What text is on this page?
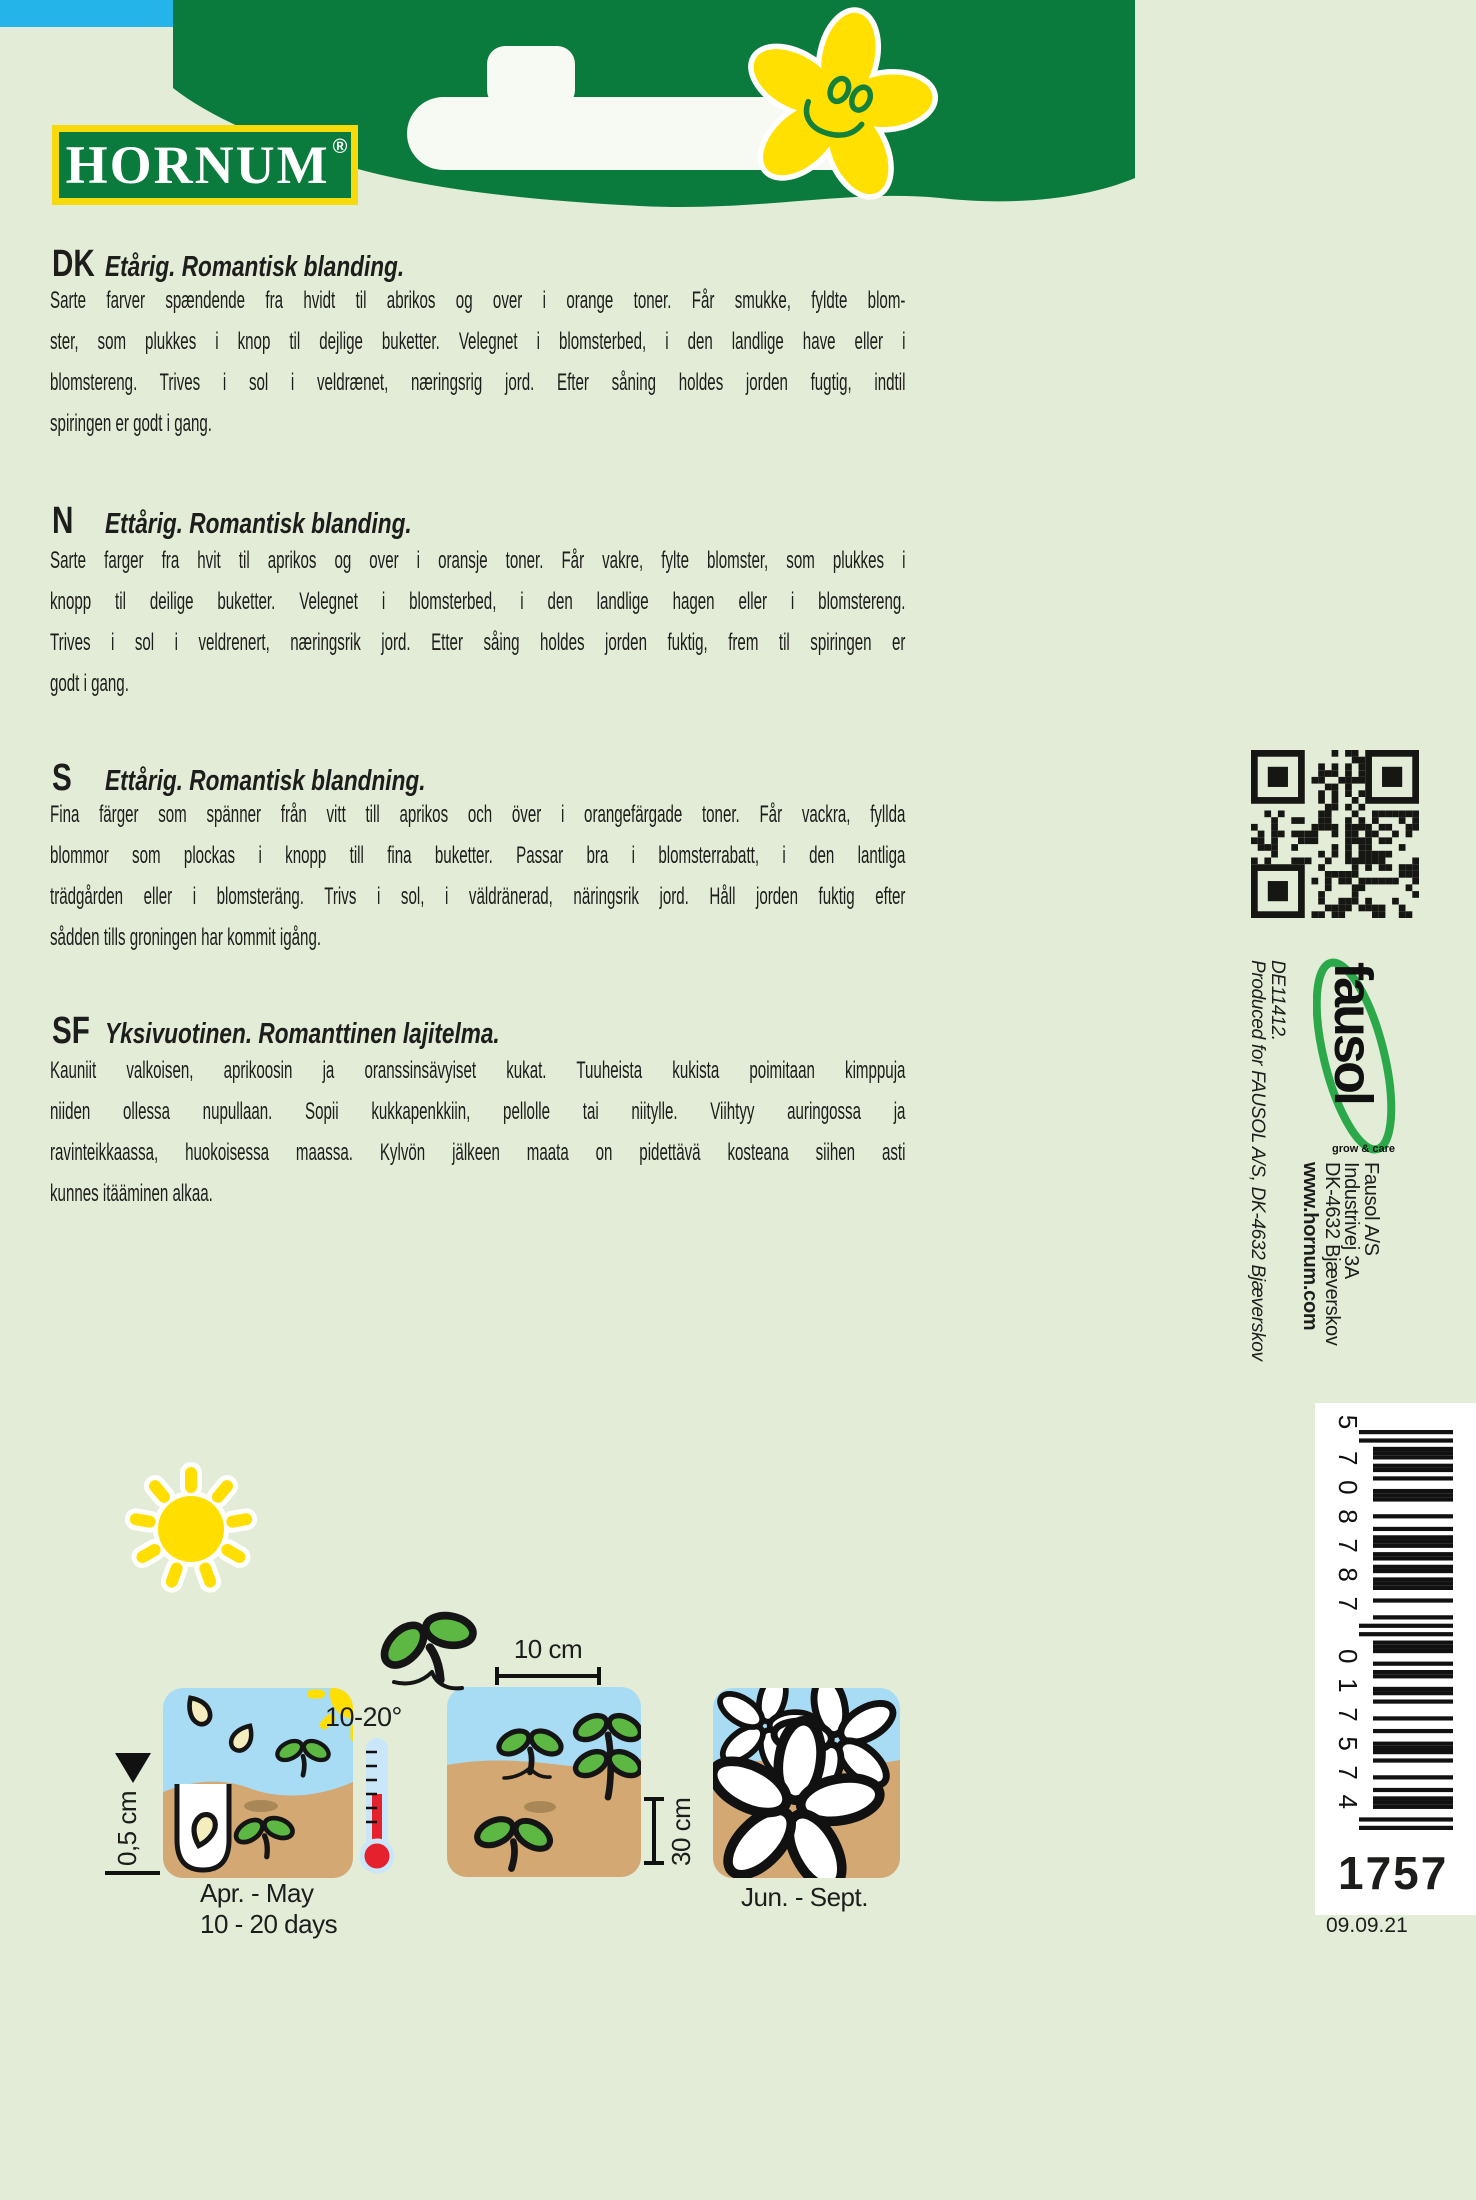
HORNUM ®
DK Etårig. Romantisk blanding.
Sarte farver spændende fra hvidt til abrikos og over i orange toner. Får smukke, fyldte blom-
ster, som plukkes i knop til dejlige buketter. Velegnet i blomsterbed, i den landlige have eller i
blomstereng. Trives i sol i veldrænet, næringsrig jord. Efter såning holdes jorden fugtig, indtil
spiringen er godt i gang.
N Ettårig. Romantisk blanding.
Sarte farger fra hvit til aprikos og over i oransje toner. Får vakre, fylte blomster, som plukkes i
knopp til deilige buketter. Velegnet i blomsterbed, i den landlige hagen eller i blomstereng.
Trives i sol i veldrenert, næringsrik jord. Etter såing holdes jorden fuktig, frem til spiringen er
godt i gang.
S Ettårig. Romantisk blandning.
Fina färger som spänner från vitt till aprikos och över i orangefärgade toner. Får vackra, fyllda
blommor som plockas i knopp till fina buketter. Passar bra i blomsterrabatt, i den lantliga
trädgården eller i blomsteräng. Trivs i sol, i väldränerad, näringsrik jord. Håll jorden fuktig efter
sådden tills groningen har kommit igång.
SF Yksivuotinen. Romanttinen lajitelma.
Kauniit valkoisen, aprikoosin ja oranssinsävyiset kukat. Tuuheista kukista poimitaan kimppuja
niiden ollessa nupullaan. Sopii kukkapenkkiin, pellolle tai niitylle. Viihtyy auringossa ja
ravinteikkaassa, huokoisessa maassa. Kylvön jälkeen maata on pidettävä kosteana siihen asti
kunnes itääminen alkaa.
DE11412.
Produced for FAUSOL A/S, DK-4632 Bjæverskov fausol
grow & care
Fausol A/S
Industrivej 3A
DK-4632 Bjæverskov
www.hornum.com
5
708787
017574
1757
09.09.21
0,5 cm
10-20°
10 cm
30 cm
Apr. - May
10 - 20 days
Jun. - Sept.
